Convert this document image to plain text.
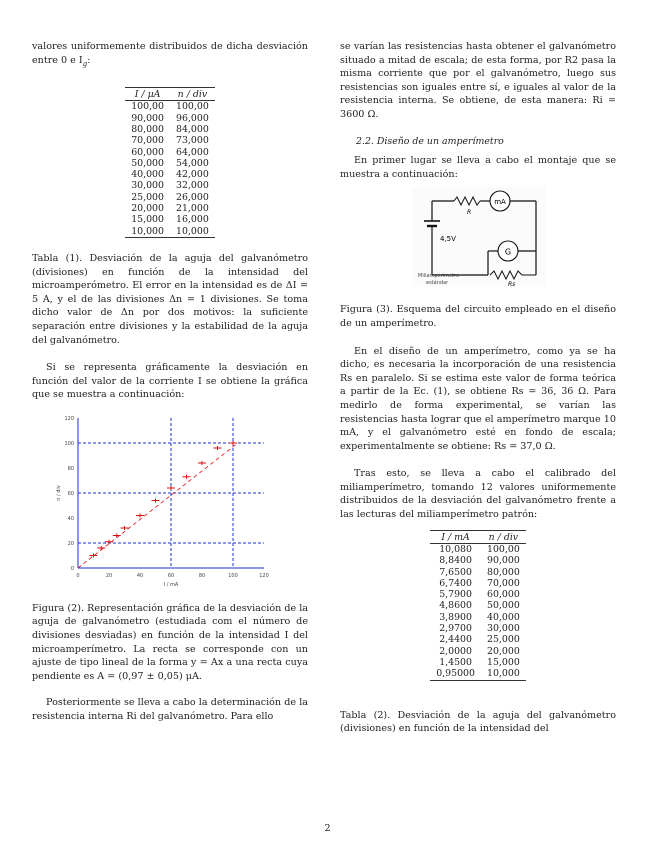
valores uniformemente distribuidos de dicha desviación entre 0 e $I_g$:

I / μA	n / div
100,00	100,00
90,000	96,000
80,000	84,000
70,000	73,000
60,000	64,000
50,000	54,000
40,000	42,000
30,000	32,000
25,000	26,000
20,000	21,000
15,000	16,000
10,000	10,000

Tabla (1). Desviación de la aguja del galvanómetro (divisiones) en función de la intensidad del microamperómetro. El error en la intensidad es de ΔI = 5 A, y el de las divisiones Δn = 1 divisiones. Se toma dicho valor de Δn por dos motivos: la suficiente separación entre divisiones y la estabilidad de la aguja del galvanómetro.

Si se representa gráficamente la desviación en función del valor de la corriente I se obtiene la gráfica que se muestra a continuación:

0	20	40	60	80	100	120
0
20
40
60
80
100
120
I / mA
n / div

Figura (2). Representación gráfica de la desviación de la aguja de galvanómetro (estudiada com el número de divisiones desviadas) en función de la intensidad I del microamperímetro. La recta se corresponde con un ajuste de tipo lineal de la forma y = Ax a una recta cuya pendiente es A = (0,97 ± 0,05) μA.

Posteriormente se lleva a cabo la determinación de la resistencia interna Ri del galvanómetro. Para ello

se varían las resistencias hasta obtener el galvanómetro situado a mitad de escala; de esta forma, por R2 pasa la misma corriente que por el galvanómetro, luego sus resistencias son iguales entre sí, e iguales al valor de la resistencia interna. Se obtiene, de esta manera: Ri = 3600 Ω.

2.2. Diseño de un amperímetro

En primer lugar se lleva a cabo el montaje que se muestra a continuación:

4,5V
R
mA
G
Rs
Miliamperímetro
estándar

Figura (3). Esquema del circuito empleado en el diseño de un amperímetro.

En el diseño de un amperímetro, como ya se ha dicho, es necesaria la incorporación de una resistencia Rs en paralelo. Si se estima este valor de forma teórica a partir de la Ec. (1), se obtiene Rs = 36, 36 Ω. Para medirlo de forma experimental, se varían las resistencias hasta lograr que el amperímetro marque 10 mA, y el galvanómetro esté en fondo de escala; experimentalmente se obtiene: Rs = 37,0 Ω.

Tras esto, se lleva a cabo el calibrado del miliamperímetro, tomando 12 valores uniformemente distribuidos de la desviación del galvanómetro frente a las lecturas del miliamperímetro patrón:

I / mA	n / div
10,080	100,00
8,8400	90,000
7,6500	80,000
6,7400	70,000
5,7900	60,000
4,8600	50,000
3,8900	40,000
2,9700	30,000
2,4400	25,000
2,0000	20,000
1,4500	15,000
0,95000	10,000

Tabla (2). Desviación de la aguja del galvanómetro (divisiones) en función de la intensidad del

2
